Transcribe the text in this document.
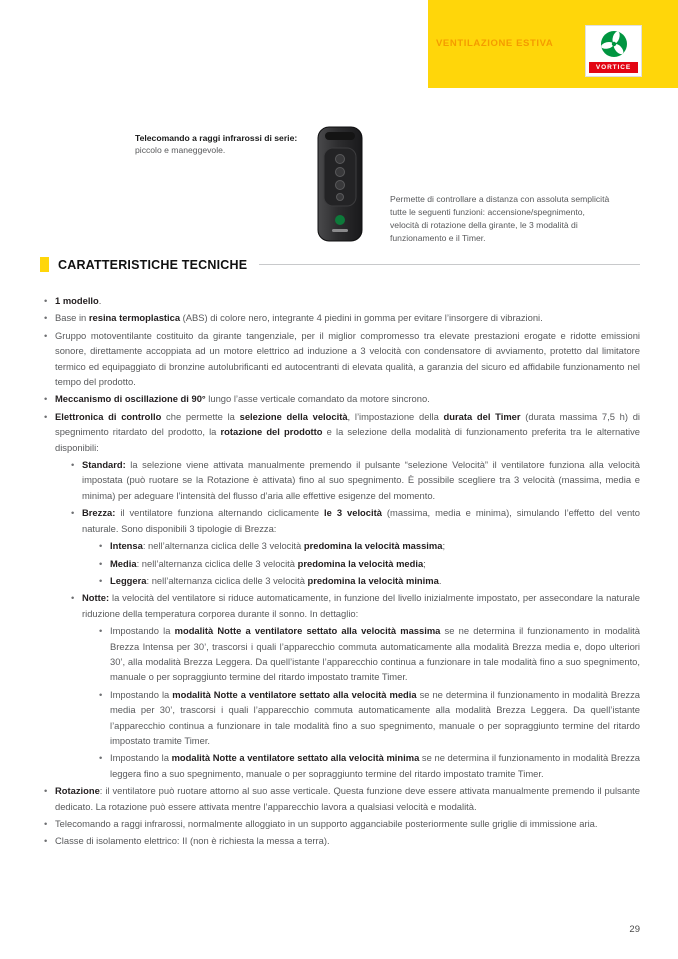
VENTILAZIONE ESTIVA
VORTICE
Telecomando a raggi infrarossi di serie:
piccolo e maneggevole.

Permette di controllare a distanza con assoluta semplicità tutte le seguenti funzioni: accensione/spegnimento, velocità di rotazione della girante, le 3 modalità di funzionamento e il Timer.

CARATTERISTICHE TECNICHE
• 1 modello.
• Base in resina termoplastica (ABS) di colore nero, integrante 4 piedini in gomma per evitare l’insorgere di vibrazioni.
• Gruppo motoventilante costituito da girante tangenziale, per il miglior compromesso tra elevate prestazioni erogate e ridotte emissioni sonore, direttamente accoppiata ad un motore elettrico ad induzione a 3 velocità con condensatore di avviamento, protetto dal limitatore termico ed equipaggiato di bronzine autolubrificanti ed autocentranti di elevata qualità, a garanzia del sicuro ed affidabile funzionamento nel tempo del prodotto.
• Meccanismo di oscillazione di 90° lungo l’asse verticale comandato da motore sincrono.
• Elettronica di controllo che permette la selezione della velocità, l’impostazione della durata del Timer (durata massima 7,5 h) di spegnimento ritardato del prodotto, la rotazione del prodotto e la selezione della modalità di funzionamento preferita tra le alternative disponibili:
• Standard: la selezione viene attivata manualmente premendo il pulsante “selezione Velocità” il ventilatore funziona alla velocità impostata (può ruotare se la Rotazione è attivata) fino al suo spegnimento. È possibile scegliere tra 3 velocità (massima, media e minima) per adeguare l’intensità del flusso d’aria alle effettive esigenze del momento.
• Brezza: il ventilatore funziona alternando ciclicamente le 3 velocità (massima, media e minima), simulando l’effetto del vento naturale. Sono disponibili 3 tipologie di Brezza:
• Intensa: nell’alternanza ciclica delle 3 velocità predomina la velocità massima;
• Media: nell’alternanza ciclica delle 3 velocità predomina la velocità media;
• Leggera: nell’alternanza ciclica delle 3 velocità predomina la velocità minima.
• Notte: la velocità del ventilatore si riduce automaticamente, in funzione del livello inizialmente impostato, per assecondare la naturale riduzione della temperatura corporea durante il sonno. In dettaglio:
• Impostando la modalità Notte a ventilatore settato alla velocità massima se ne determina il funzionamento in modalità Brezza Intensa per 30’, trascorsi i quali l’apparecchio commuta automaticamente alla modalità Brezza media e, dopo ulteriori 30’, alla modalità Brezza Leggera. Da quell’istante l’apparecchio continua a funzionare in tale modalità fino a suo spegnimento, manuale o per sopraggiunto termine del ritardo impostato tramite Timer.
• Impostando la modalità Notte a ventilatore settato alla velocità media se ne determina il funzionamento in modalità Brezza media per 30’, trascorsi i quali l’apparecchio commuta automaticamente alla modalità Brezza Leggera. Da quell’istante l’apparecchio continua a funzionare in tale modalità fino a suo spegnimento, manuale o per sopraggiunto termine del ritardo impostato tramite Timer.
• Impostando la modalità Notte a ventilatore settato alla velocità minima se ne determina il funzionamento in modalità Brezza leggera fino a suo spegnimento, manuale o per sopraggiunto termine del ritardo impostato tramite Timer.
• Rotazione: il ventilatore può ruotare attorno al suo asse verticale. Questa funzione deve essere attivata manualmente premendo il pulsante dedicato. La rotazione può essere attivata mentre l’apparecchio lavora a qualsiasi velocità e modalità.
• Telecomando a raggi infrarossi, normalmente alloggiato in un supporto agganciabile posteriormente sulle griglie di immissione aria.
• Classe di isolamento elettrico: II (non è richiesta la messa a terra).
29
